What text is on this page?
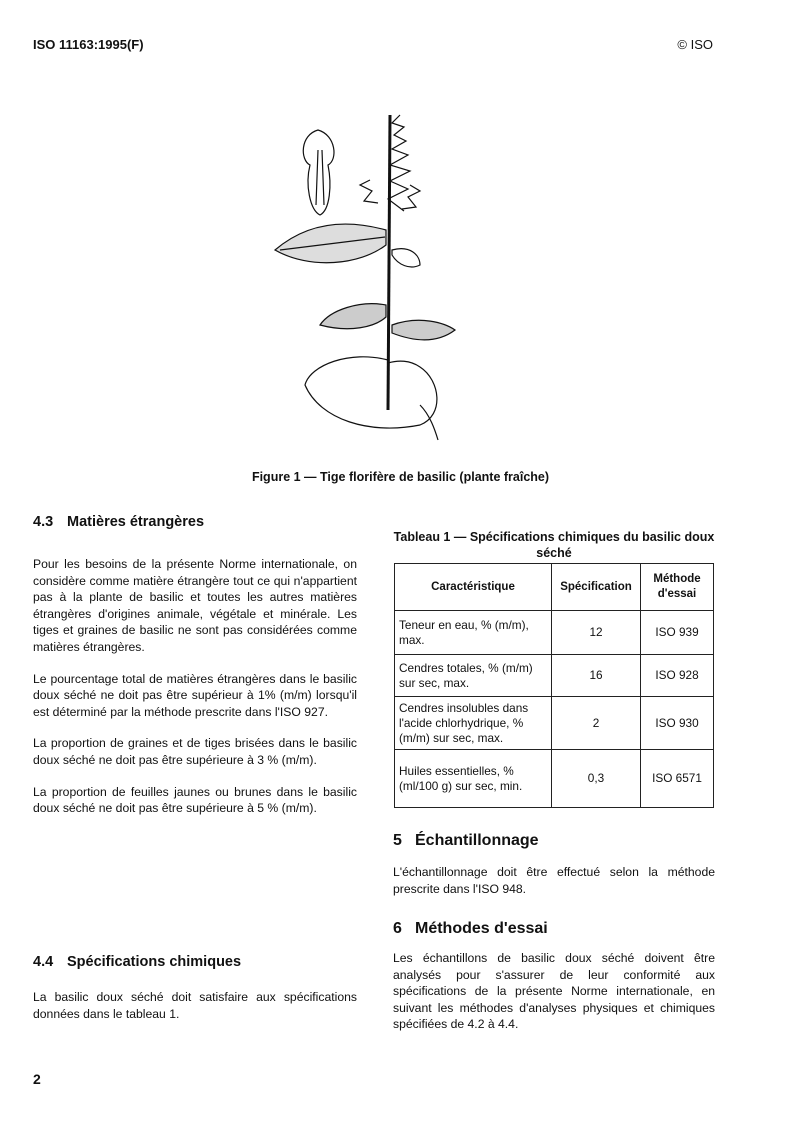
ISO 11163:1995(F)	© ISO
Figure 1 — Tige florifère de basilic (plante fraîche)
4.3 Matières étrangères

Pour les besoins de la présente Norme internationale, on considère comme matière étrangère tout ce qui n'appartient pas à la plante de basilic et toutes les autres matières étrangères d'origines animale, végétale et minérale. Les tiges et graines de basilic ne sont pas considérées comme matières étrangères.

Le pourcentage total de matières étrangères dans le basilic doux séché ne doit pas être supérieur à 1% (m/m) lorsqu'il est déterminé par la méthode prescrite dans l'ISO 927.

La proportion de graines et de tiges brisées dans le basilic doux séché ne doit pas être supérieure à 3 % (m/m).

La proportion de feuilles jaunes ou brunes dans le basilic doux séché ne doit pas être supérieure à 5 % (m/m).

4.4 Spécifications chimiques

La basilic doux séché doit satisfaire aux spécifications données dans le tableau 1.

Tableau 1 — Spécifications chimiques du basilic doux séché
Caractéristique	Spécification	Méthode d'essai
Teneur en eau, % (m/m), max.	12	ISO 939
Cendres totales, % (m/m) sur sec, max.	16	ISO 928
Cendres insolubles dans l'acide chlorhydrique, % (m/m) sur sec, max.	2	ISO 930
Huiles essentielles, % (ml/100 g) sur sec, min.	0,3	ISO 6571
5 Échantillonnage

L'échantillonnage doit être effectué selon la méthode prescrite dans l'ISO 948.

6 Méthodes d'essai

Les échantillons de basilic doux séché doivent être analysés pour s'assurer de leur conformité aux spécifications de la présente Norme internationale, en suivant les méthodes d'analyses physiques et chimiques spécifiées de 4.2 à 4.4.

2
